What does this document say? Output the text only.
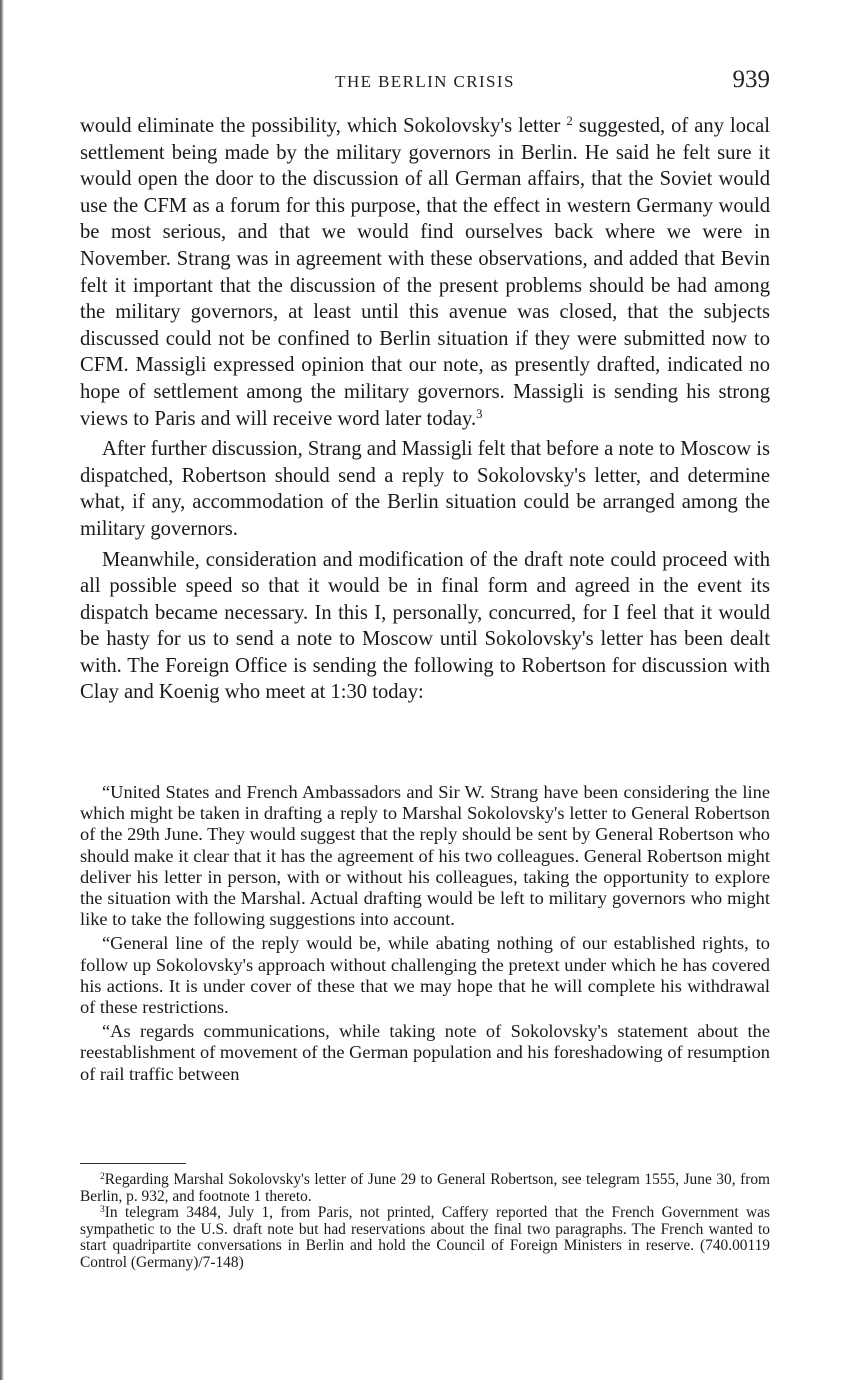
THE BERLIN CRISIS	939

would eliminate the possibility, which Sokolovsky's letter $^2$ suggested, of any local settlement being made by the military governors in Berlin. He said he felt sure it would open the door to the discussion of all German affairs, that the Soviet would use the CFM as a forum for this purpose, that the effect in western Germany would be most serious, and that we would find ourselves back where we were in November. Strang was in agreement with these observations, and added that Bevin felt it important that the discussion of the present problems should be had among the military governors, at least until this avenue was closed, that the subjects discussed could not be confined to Berlin situation if they were submitted now to CFM. Massigli expressed opinion that our note, as presently drafted, indicated no hope of settlement among the military governors. Massigli is sending his strong views to Paris and will receive word later today.$^3$

After further discussion, Strang and Massigli felt that before a note to Moscow is dispatched, Robertson should send a reply to Sokolovsky's letter, and determine what, if any, accommodation of the Berlin situation could be arranged among the military governors.

Meanwhile, consideration and modification of the draft note could proceed with all possible speed so that it would be in final form and agreed in the event its dispatch became necessary. In this I, personally, concurred, for I feel that it would be hasty for us to send a note to Moscow until Sokolovsky's letter has been dealt with. The Foreign Office is sending the following to Robertson for discussion with Clay and Koenig who meet at 1:30 today:

“United States and French Ambassadors and Sir W. Strang have been considering the line which might be taken in drafting a reply to Marshal Sokolovsky's letter to General Robertson of the 29th June. They would suggest that the reply should be sent by General Robertson who should make it clear that it has the agreement of his two colleagues. General Robertson might deliver his letter in person, with or without his colleagues, taking the opportunity to explore the situation with the Marshal. Actual drafting would be left to military governors who might like to take the following suggestions into account.

“General line of the reply would be, while abating nothing of our established rights, to follow up Sokolovsky's approach without challenging the pretext under which he has covered his actions. It is under cover of these that we may hope that he will complete his withdrawal of these restrictions.

“As regards communications, while taking note of Sokolovsky's statement about the reestablishment of movement of the German population and his foreshadowing of resumption of rail traffic between

$^2$Regarding Marshal Sokolovsky's letter of June 29 to General Robertson, see telegram 1555, June 30, from Berlin, p. 932, and footnote 1 thereto.

$^3$In telegram 3484, July 1, from Paris, not printed, Caffery reported that the French Government was sympathetic to the U.S. draft note but had reservations about the final two paragraphs. The French wanted to start quadripartite conversations in Berlin and hold the Council of Foreign Ministers in reserve. (740.00119 Control (Germany)/7-148)
